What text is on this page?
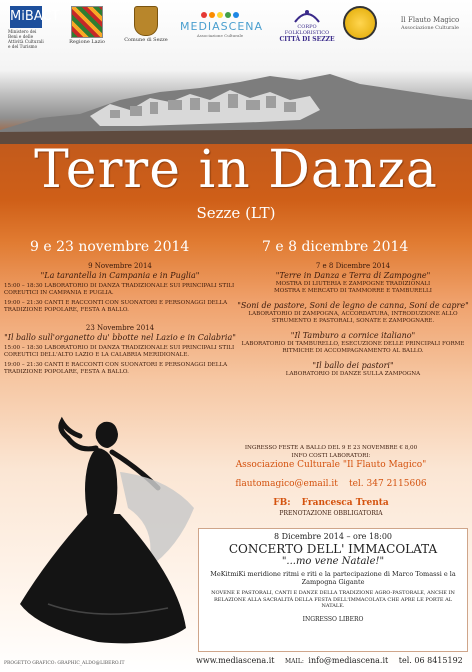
MiBACT
Ministero dei Beni e delle Attività Culturali e del Turismo
Regione Lazio	Comune di Sezze
MEDIASCENA
Associazione Culturale
CORPO FOLKLORISTICO
CITTÀ DI SEZZE
Il Flauto Magico
Associazione Culturale
Terre in Danza
Sezze (LT)
9 e 23 novembre 2014	7 e 8 dicembre 2014
9 Novembre 2014
"La tarantella in Campania e in Puglia"
15:00 – 18:30 LABORATORIO DI DANZA TRADIZIONALE SUI PRINCIPALI STILI COREUTICI IN CAMPANIA E PUGLIA.
19:00 – 21:30 CANTI E RACCONTI CON SUONATORI E PERSONAGGI DELLA TRADIZIONE POPOLARE, FESTA A BALLO.
23 Novembre 2014
"Il ballo sull'organetto du' bbotte nel Lazio e in Calabria"
15:00 – 18:30 LABORATORIO DI DANZA TRADIZIONALE SUI PRINCIPALI STILI COREUTICI DELL'ALTO LAZIO E LA CALABRIA MERIDIONALE.
19:00 – 21:30 CANTI E RACCONTI CON SUONATORI E PERSONAGGI DELLA TRADIZIONE POPOLARE, FESTA A BALLO.
7 e 8 Dicembre 2014
"Terre in Danza e Terra di Zampogne"
MOSTRA DI LIUTERIA E ZAMPOGNE TRADIZIONALI
MOSTRA E MERCATO DI TAMMORRE E TAMBURELLI
"Soni de pastore, Soni de legno de canna, Soni de capre"
LABORATORIO DI ZAMPOGNA, ACCORDATURA, INTRODUZIONE ALLO STRUMENTO E PASTORALI, SONATE E ZAMPOGNARE.
"Il Tamburo a cornice italiano"
LABORATORIO DI TAMBURELLO, ESECUZIONE DELLE PRINCIPALI FORME RITMICHE DI ACCOMPAGNAMENTO AL BALLO.
"Il ballo dei pastori"
LABORATORIO DI DANZE SULLA ZAMPOGNA
INGRESSO FESTE A BALLO DEL 9 E 23 NOVEMBRE € 8,00
INFO COSTI LABORATORI:
Associazione Culturale "Il Flauto Magico"
flautomagico@email.it tel. 347 2115606
FB: Francesca Trenta
PRENOTAZIONE OBBLIGATORIA
8 Dicembre 2014 – ore 18:00
CONCERTO DELL' IMMACOLATA
"...mo vene Natale!"
MeKitmiKi meridione ritmi e riti e la partecipazione di Marco Tomassi e la Zampogna Gigante
NOVENE E PASTORALI, CANTI E DANZE DELLA TRADIZIONE AGRO-PASTORALE, ANCHE IN RELAZIONE ALLA SACRALITÀ DELLA FESTA DELL'IMMACOLATA CHE APRE LE PORTE AL NATALE.
INGRESSO LIBERO
PROGETTO GRAFICO: GRAPHIC_ALDO@LIBERO.IT	www.mediascena.it MAIL: info@mediascena.it tel. 06 8415192
